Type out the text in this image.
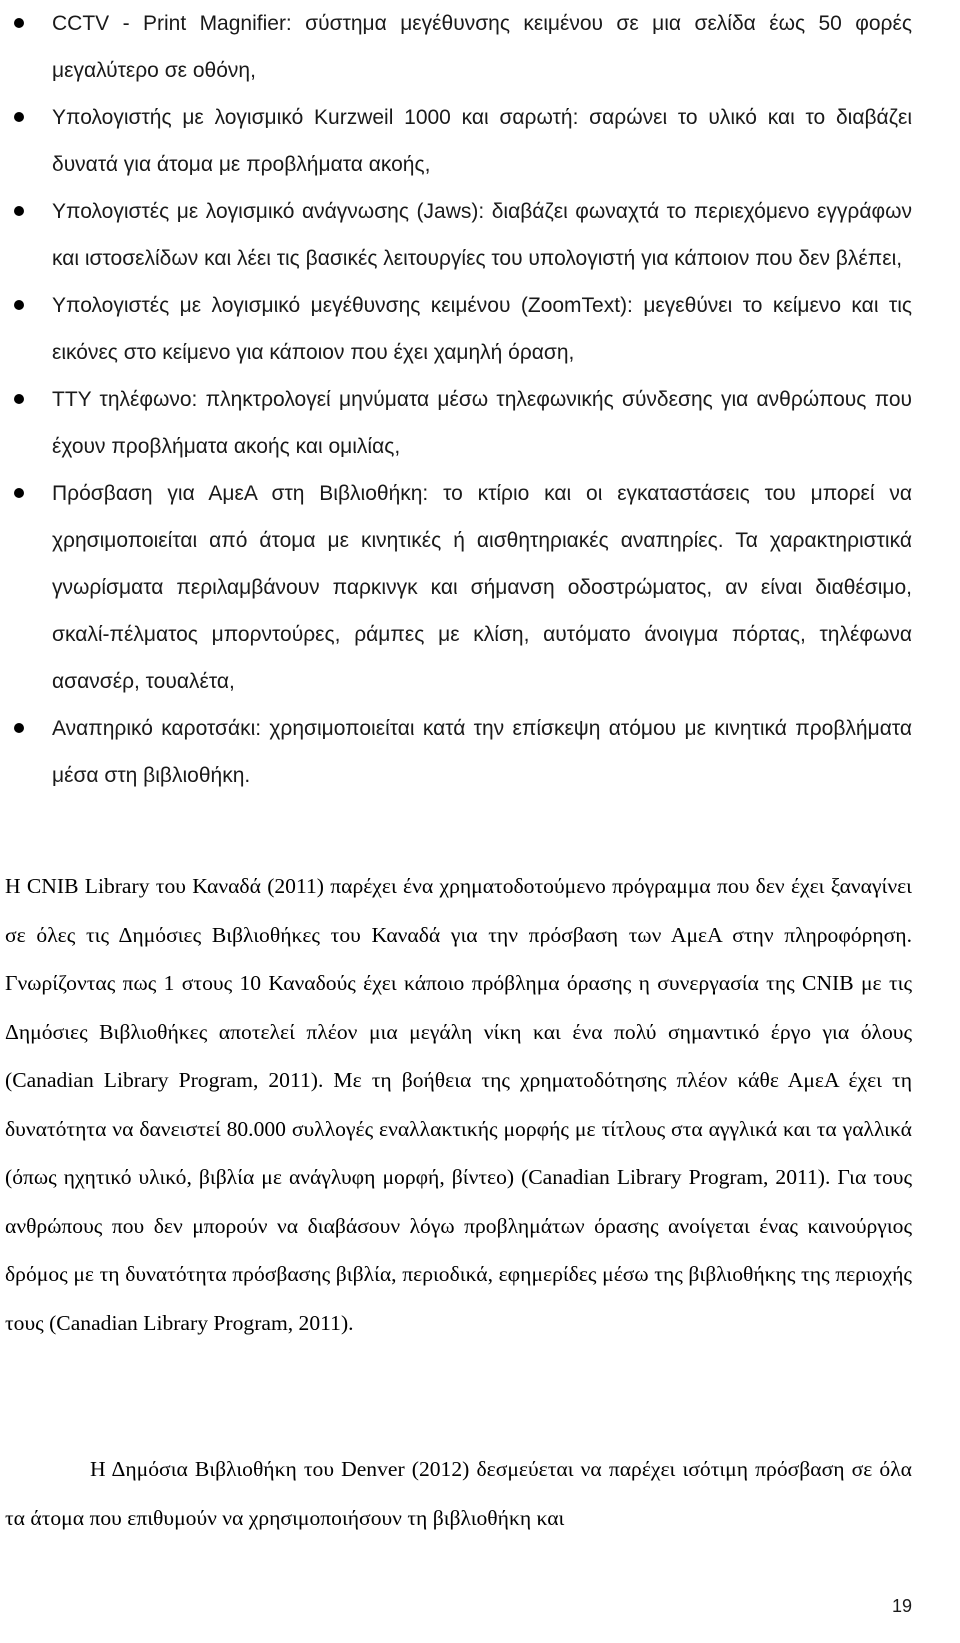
CCTV - Print Magnifier: σύστημα μεγέθυνσης κειμένου σε μια σελίδα έως 50 φορές μεγαλύτερο σε οθόνη,
Υπολογιστής με λογισμικό Kurzweil 1000 και σαρωτή: σαρώνει το υλικό και το διαβάζει δυνατά για άτομα με προβλήματα ακοής,
Υπολογιστές με λογισμικό ανάγνωσης (Jaws): διαβάζει φωναχτά το περιεχόμενο εγγράφων και ιστοσελίδων και λέει τις βασικές λειτουργίες του υπολογιστή για κάποιον που δεν βλέπει,
Υπολογιστές με λογισμικό μεγέθυνσης κειμένου (ZoomText): μεγεθύνει το κείμενο και τις εικόνες στο κείμενο για κάποιον που έχει χαμηλή όραση,
TTY τηλέφωνο: πληκτρολογεί μηνύματα μέσω τηλεφωνικής σύνδεσης για ανθρώπους που έχουν προβλήματα ακοής και ομιλίας,
Πρόσβαση για ΑμεΑ στη Βιβλιοθήκη: το κτίριο και οι εγκαταστάσεις του μπορεί να χρησιμοποιείται από άτομα με κινητικές ή αισθητηριακές αναπηρίες. Τα χαρακτηριστικά γνωρίσματα περιλαμβάνουν παρκινγκ και σήμανση οδοστρώματος, αν είναι διαθέσιμο, σκαλί-πέλματος μπορντούρες, ράμπες με κλίση, αυτόματο άνοιγμα πόρτας, τηλέφωνα ασανσέρ, τουαλέτα,
Αναπηρικό καροτσάκι: χρησιμοποιείται κατά την επίσκεψη ατόμου με κινητικά προβλήματα μέσα στη βιβλιοθήκη.

Η CNIB Library του Καναδά (2011) παρέχει ένα χρηματοδοτούμενο πρόγραμμα που δεν έχει ξαναγίνει σε όλες τις Δημόσιες Βιβλιοθήκες του Καναδά για την πρόσβαση των ΑμεΑ στην πληροφόρηση. Γνωρίζοντας πως 1 στους 10 Καναδούς έχει κάποιο πρόβλημα όρασης η συνεργασία της CNIB με τις Δημόσιες Βιβλιοθήκες αποτελεί πλέον μια μεγάλη νίκη και ένα πολύ σημαντικό έργο για όλους (Canadian Library Program, 2011). Με τη βοήθεια της χρηματοδότησης πλέον κάθε ΑμεΑ έχει τη δυνατότητα να δανειστεί 80.000 συλλογές εναλλακτικής μορφής με τίτλους στα αγγλικά και τα γαλλικά (όπως ηχητικό υλικό, βιβλία με ανάγλυφη μορφή, βίντεο) (Canadian Library Program, 2011). Για τους ανθρώπους που δεν μπορούν να διαβάσουν λόγω προβλημάτων όρασης ανοίγεται ένας καινούργιος δρόμος με τη δυνατότητα πρόσβασης βιβλία, περιοδικά, εφημερίδες μέσω της βιβλιοθήκης της περιοχής τους (Canadian Library Program, 2011).

Η Δημόσια Βιβλιοθήκη του Denver (2012) δεσμεύεται να παρέχει ισότιμη πρόσβαση σε όλα τα άτομα που επιθυμούν να χρησιμοποιήσουν τη βιβλιοθήκη και

19
